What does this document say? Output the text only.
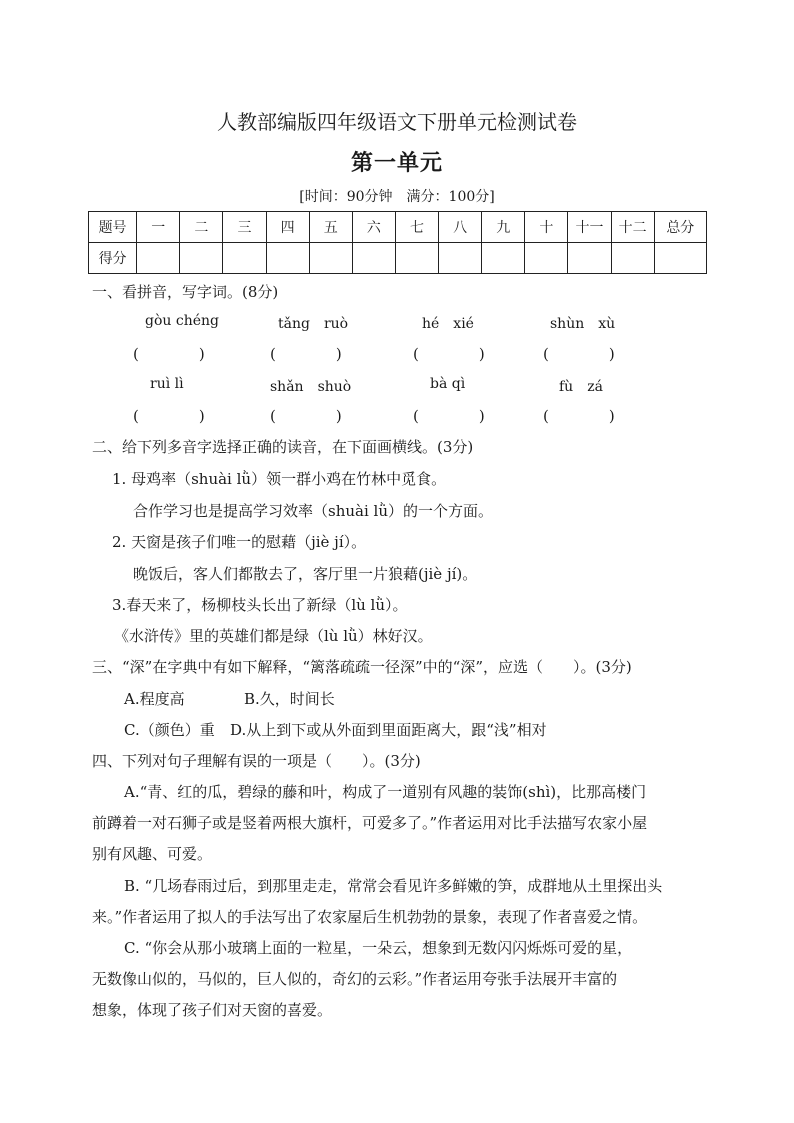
人教部编版四年级语文下册单元检测试卷
第一单元
[时间：90分钟　满分：100分]
题号	一	二	三	四	五	六	七	八	九	十	十一	十二	总分
得分													
一、看拼音，写字词。(8分)
gòu chéng	tǎng　ruò	hé　xié	shùn　xù
(　　　　)	(　　　　)	(　　　　)	(　　　　)
ruì lì	shǎn　shuò	bà qì	fù　zá
(　　　　)	(　　　　)	(　　　　)	(　　　　)
二、给下列多音字选择正确的读音，在下面画横线。(3分)
1. 母鸡率（shuài lǜ）领一群小鸡在竹林中觅食。
合作学习也是提高学习效率（shuài lǜ）的一个方面。
2. 天窗是孩子们唯一的慰藉（jiè jí）。
晚饭后，客人们都散去了，客厅里一片狼藉(jiè jí)。
3.春天来了，杨柳枝头长出了新绿（lù lǜ）。
《水浒传》里的英雄们都是绿（lù lǜ）林好汉。
三、“深”在字典中有如下解释，“篱落疏疏一径深”中的“深”，应选（　　）。(3分)
A.程度高	B.久，时间长
C.（颜色）重 D.从上到下或从外面到里面距离大，跟“浅”相对
四、下列对句子理解有误的一项是（　　）。(3分)
A.“青、红的瓜，碧绿的藤和叶，构成了一道别有风趣的装饰(shì)，比那高楼门
前蹲着一对石狮子或是竖着两根大旗杆，可爱多了。”作者运用对比手法描写农家小屋
别有风趣、可爱。
B. “几场春雨过后，到那里走走，常常会看见许多鲜嫩的笋，成群地从土里探出头
来。”作者运用了拟人的手法写出了农家屋后生机勃勃的景象，表现了作者喜爱之情。
C. “你会从那小玻璃上面的一粒星，一朵云，想象到无数闪闪烁烁可爱的星，
无数像山似的，马似的，巨人似的，奇幻的云彩。”作者运用夸张手法展开丰富的
想象，体现了孩子们对天窗的喜爱。
